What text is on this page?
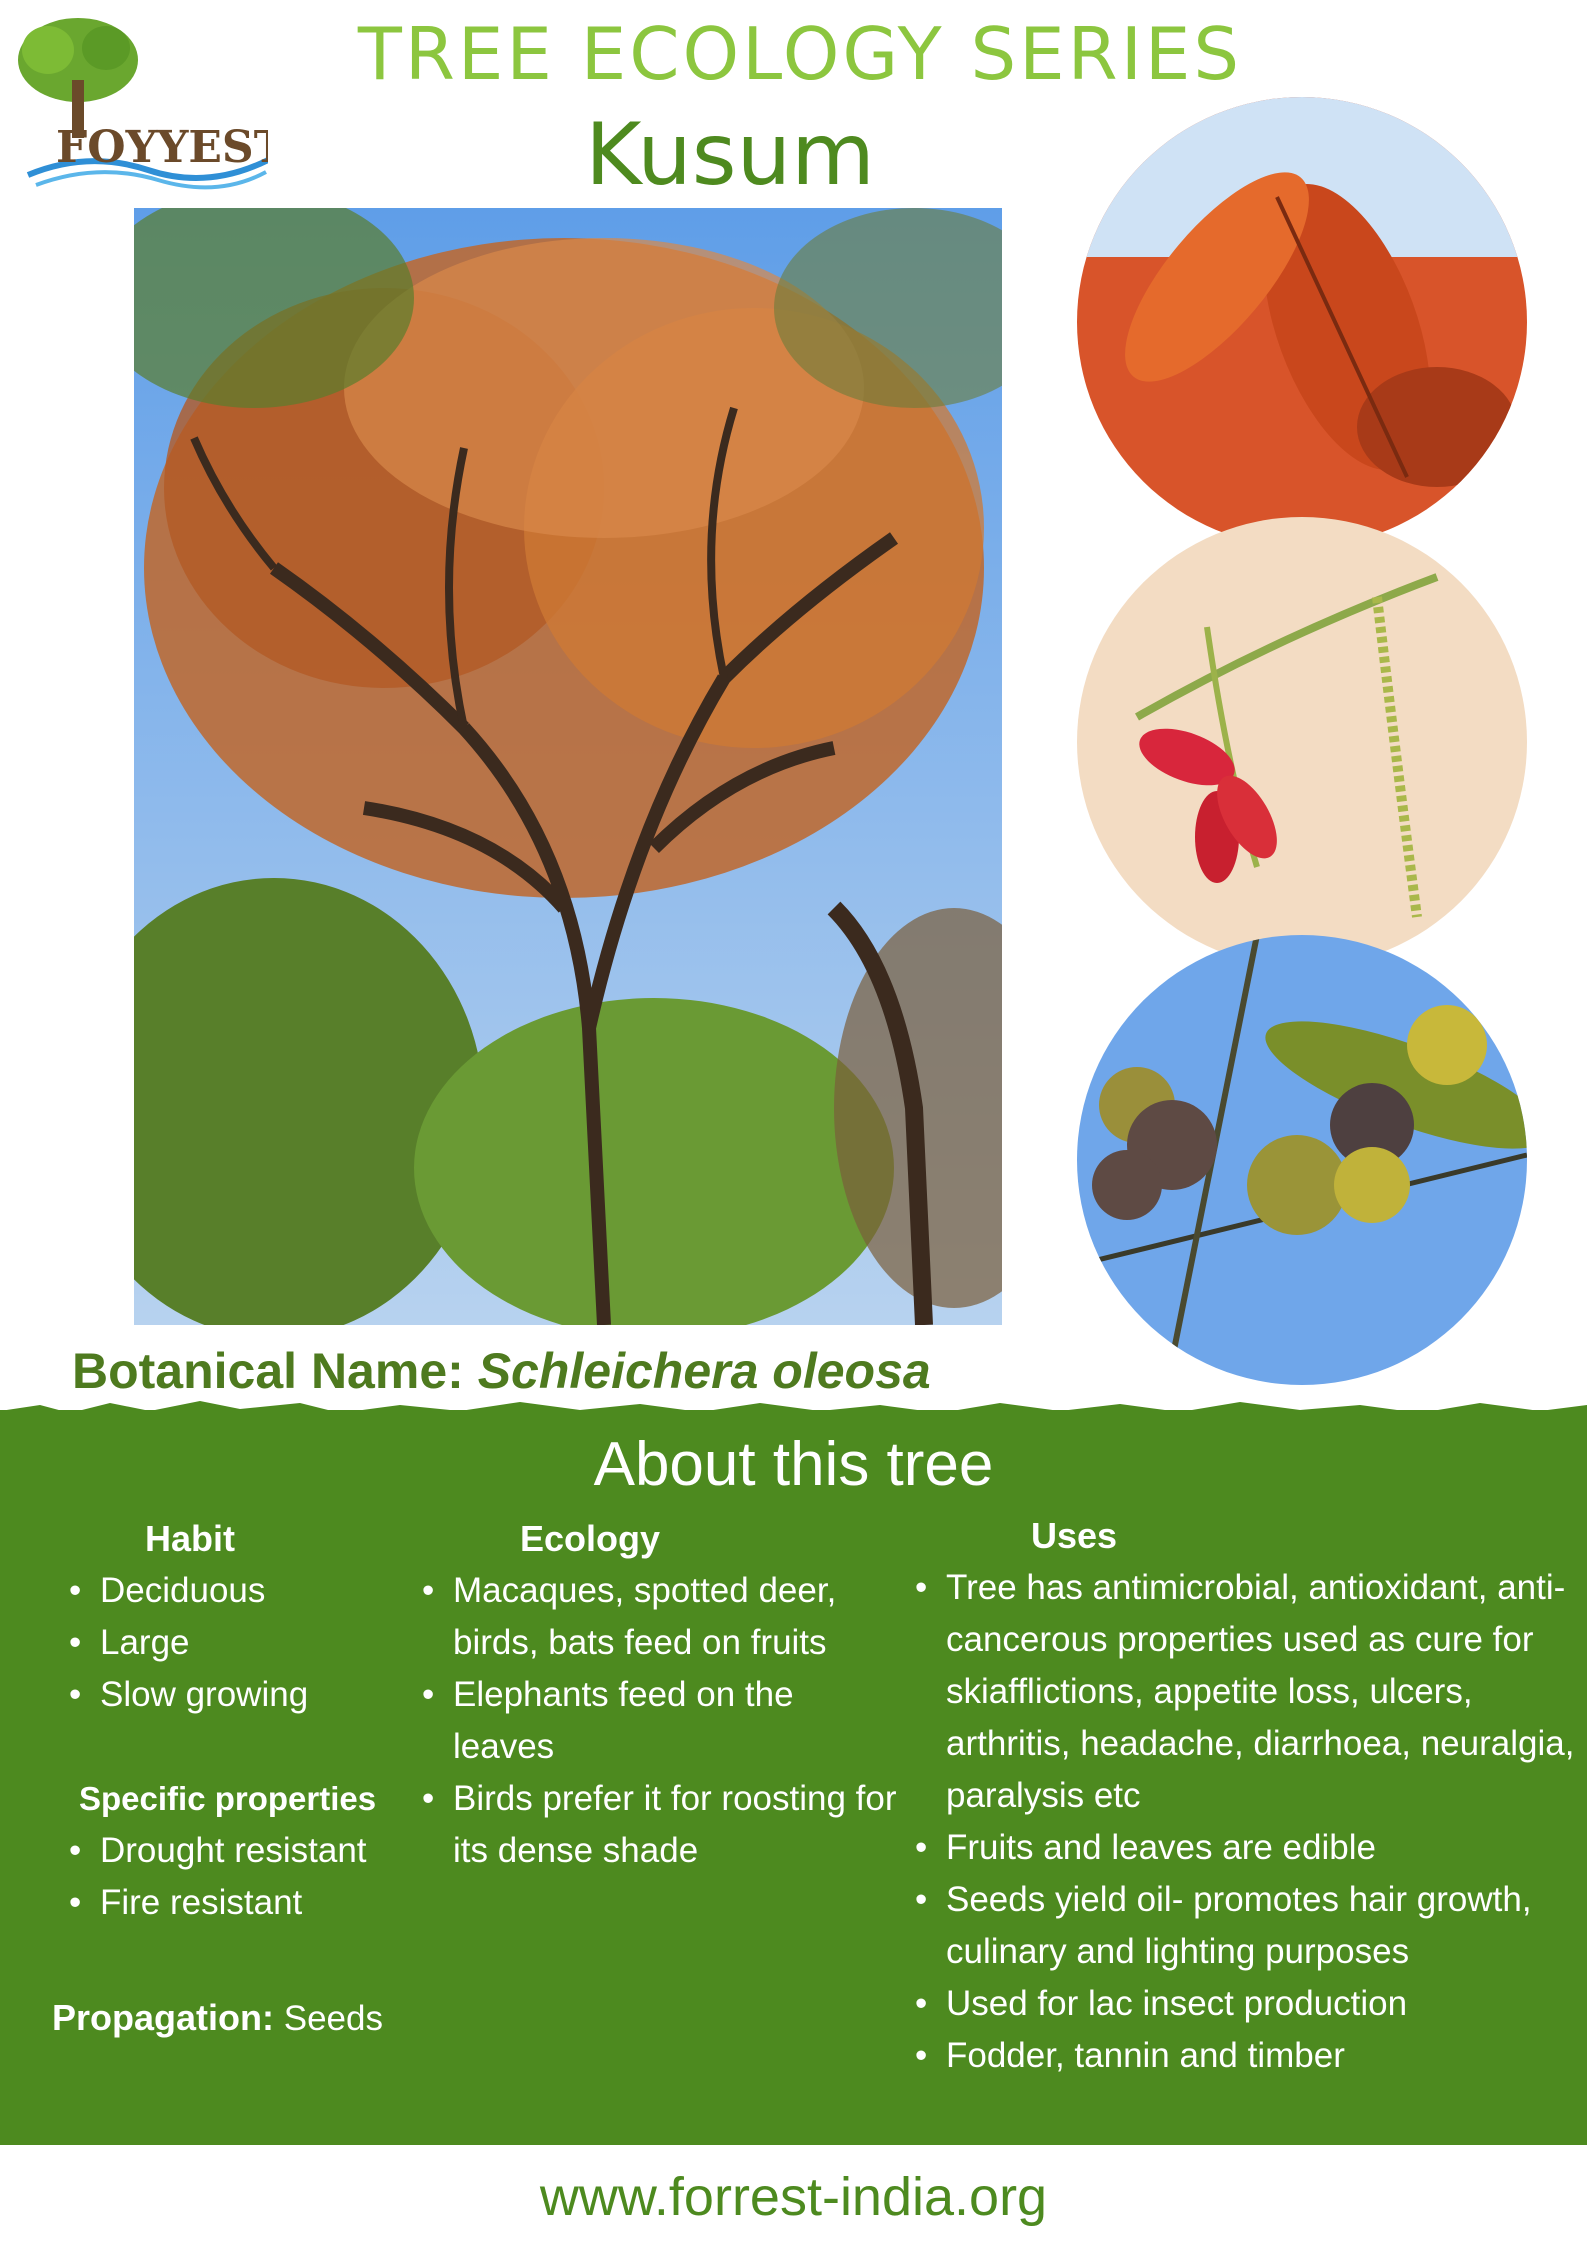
FOYYEST
TREE ECOLOGY SERIES
Kusum
Botanical Name: Schleichera oleosa
About this tree
Habit
• Deciduous
• Large
• Slow growing
Specific properties
• Drought resistant
• Fire resistant
Propagation: Seeds
Ecology
• Macaques, spotted deer, birds, bats feed on fruits
• Elephants feed on the leaves
• Birds prefer it for roosting for its dense shade
Uses
• Tree has antimicrobial, antioxidant, anti-cancerous properties used as cure for skiafflictions, appetite loss, ulcers, arthritis, headache, diarrhoea, neuralgia, paralysis etc
• Fruits and leaves are edible
• Seeds yield oil- promotes hair growth, culinary and lighting purposes
• Used for lac insect production
• Fodder, tannin and timber
www.forrest-india.org
